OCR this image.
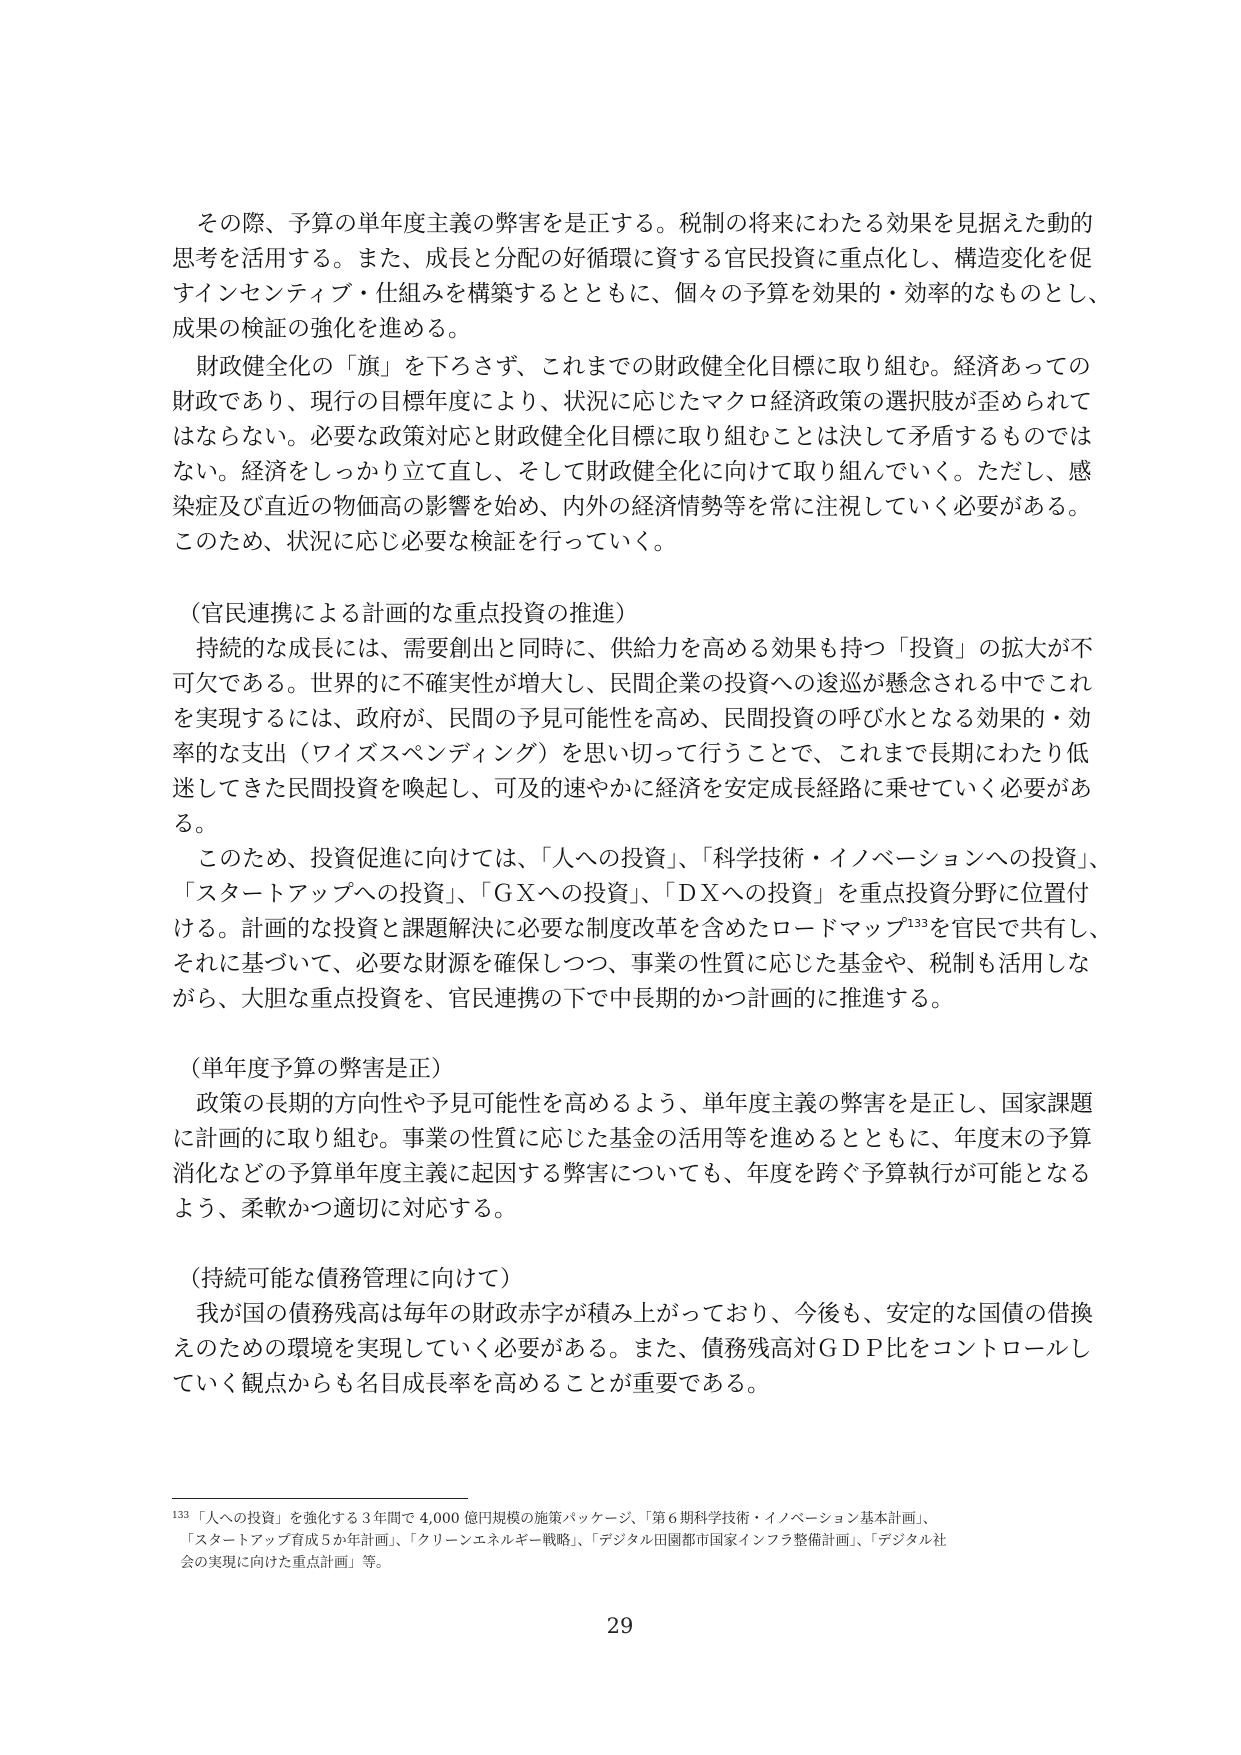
その際、予算の単年度主義の弊害を是正する。税制の将来にわたる効果を見据えた動的
思考を活用する。また、成長と分配の好循環に資する官民投資に重点化し、構造変化を促
すインセンティブ・仕組みを構築するとともに、個々の予算を効果的・効率的なものとし、
成果の検証の強化を進める。
財政健全化の「旗」を下ろさず、これまでの財政健全化目標に取り組む。経済あっての
財政であり、現行の目標年度により、状況に応じたマクロ経済政策の選択肢が歪められて
はならない。必要な政策対応と財政健全化目標に取り組むことは決して矛盾するものでは
ない。経済をしっかり立て直し、そして財政健全化に向けて取り組んでいく。ただし、感
染症及び直近の物価高の影響を始め、内外の経済情勢等を常に注視していく必要がある。
このため、状況に応じ必要な検証を行っていく。
（官民連携による計画的な重点投資の推進）
持続的な成長には、需要創出と同時に、供給力を高める効果も持つ「投資」の拡大が不
可欠である。世界的に不確実性が増大し、民間企業の投資への逡巡が懸念される中でこれ
を実現するには、政府が、民間の予見可能性を高め、民間投資の呼び水となる効果的・効
率的な支出（ワイズスペンディング）を思い切って行うことで、これまで長期にわたり低
迷してきた民間投資を喚起し、可及的速やかに経済を安定成長経路に乗せていく必要があ
る。
このため、投資促進に向けては、「人への投資」、「科学技術・イノベーションへの投資」、
「スタートアップへの投資」、「ＧＸへの投資」、「ＤＸへの投資」を重点投資分野に位置付
ける。計画的な投資と課題解決に必要な制度改革を含めたロードマップ$^{133}$を官民で共有し、
それに基づいて、必要な財源を確保しつつ、事業の性質に応じた基金や、税制も活用しな
がら、大胆な重点投資を、官民連携の下で中長期的かつ計画的に推進する。
（単年度予算の弊害是正）
政策の長期的方向性や予見可能性を高めるよう、単年度主義の弊害を是正し、国家課題
に計画的に取り組む。事業の性質に応じた基金の活用等を進めるとともに、年度末の予算
消化などの予算単年度主義に起因する弊害についても、年度を跨ぐ予算執行が可能となる
よう、柔軟かつ適切に対応する。
（持続可能な債務管理に向けて）
我が国の債務残高は毎年の財政赤字が積み上がっており、今後も、安定的な国債の借換
えのための環境を実現していく必要がある。また、債務残高対ＧＤＰ比をコントロールし
ていく観点からも名目成長率を高めることが重要である。
$^{133}$ 「人への投資」を強化する３年間で 4,000 億円規模の施策パッケージ、「第６期科学技術・イノベーション基本計画」、
「スタートアップ育成５か年計画」、「クリーンエネルギー戦略」、「デジタル田園都市国家インフラ整備計画」、「デジタル社
会の実現に向けた重点計画」等。
29
